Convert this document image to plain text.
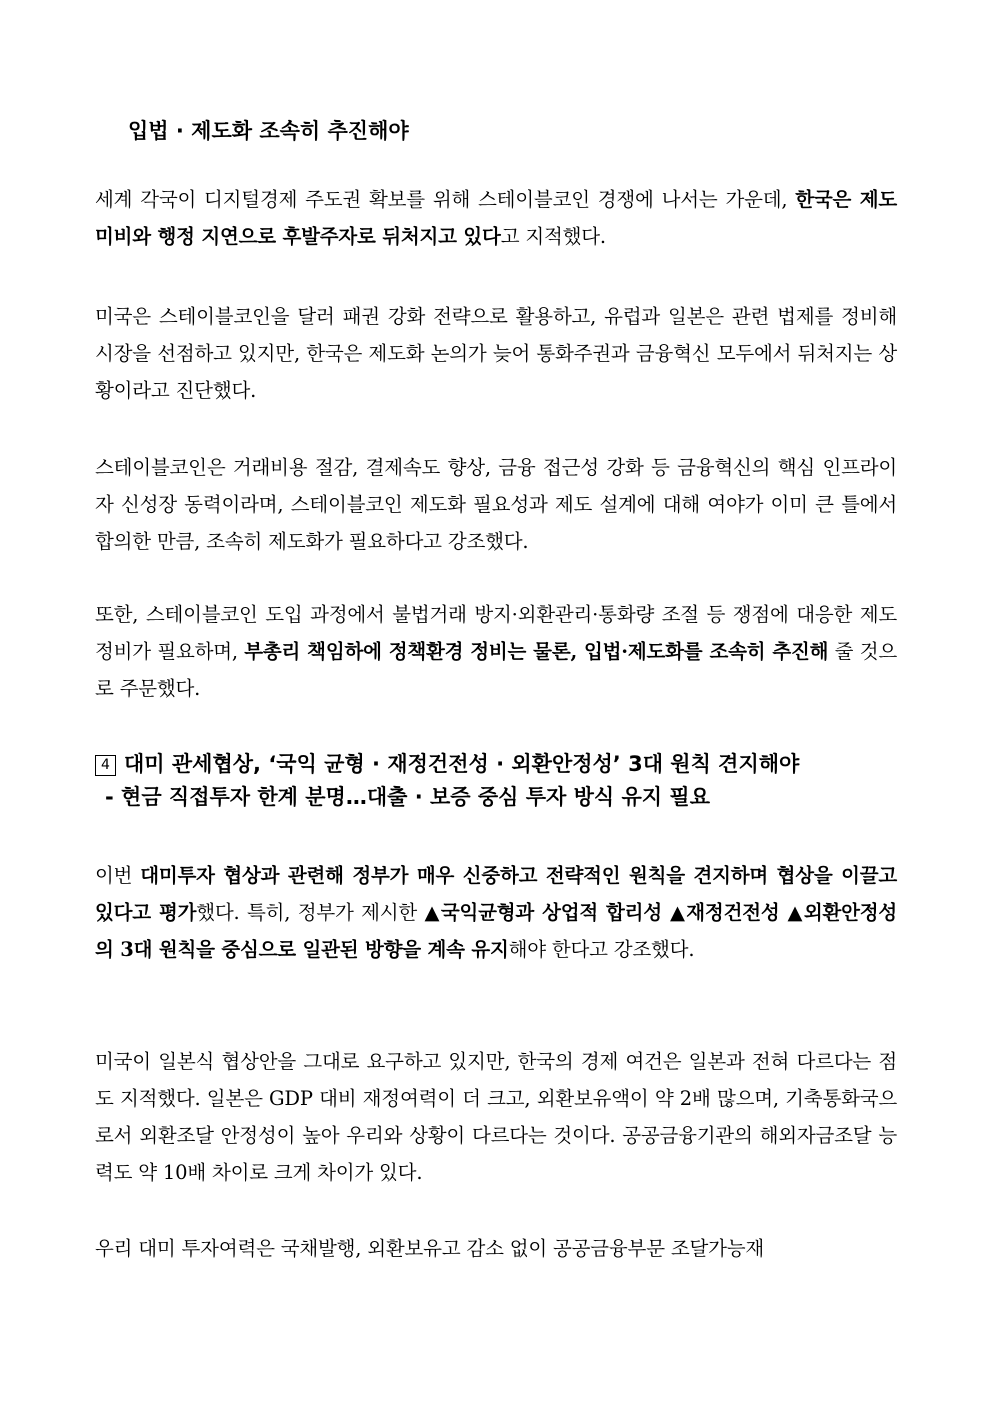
입법 · 제도화 조속히 추진해야

세계 각국이 디지털경제 주도권 확보를 위해 스테이블코인 경쟁에 나서는 가운데, 한국은 제도 미비와 행정 지연으로 후발주자로 뒤처지고 있다고 지적했다.

미국은 스테이블코인을 달러 패권 강화 전략으로 활용하고, 유럽과 일본은 관련 법제를 정비해 시장을 선점하고 있지만, 한국은 제도화 논의가 늦어 통화주권과 금융혁신 모두에서 뒤처지는 상황이라고 진단했다.

스테이블코인은 거래비용 절감, 결제속도 향상, 금융 접근성 강화 등 금융혁신의 핵심 인프라이자 신성장 동력이라며, 스테이블코인 제도화 필요성과 제도 설계에 대해 여야가 이미 큰 틀에서 합의한 만큼, 조속히 제도화가 필요하다고 강조했다.

또한, 스테이블코인 도입 과정에서 불법거래 방지·외환관리·통화량 조절 등 쟁점에 대응한 제도 정비가 필요하며, 부총리 책임하에 정책환경 정비는 물론, 입법·제도화를 조속히 추진해 줄 것으로 주문했다.

4 대미 관세협상, ‘국익 균형 · 재정건전성 · 외환안정성’ 3대 원칙 견지해야
- 현금 직접투자 한계 분명…대출 · 보증 중심 투자 방식 유지 필요

이번 대미투자 협상과 관련해 정부가 매우 신중하고 전략적인 원칙을 견지하며 협상을 이끌고 있다고 평가했다. 특히, 정부가 제시한 ▲국익균형과 상업적 합리성 ▲재정건전성 ▲외환안정성의 3대 원칙을 중심으로 일관된 방향을 계속 유지해야 한다고 강조했다.

미국이 일본식 협상안을 그대로 요구하고 있지만, 한국의 경제 여건은 일본과 전혀 다르다는 점도 지적했다. 일본은 GDP 대비 재정여력이 더 크고, 외환보유액이 약 2배 많으며, 기축통화국으로서 외환조달 안정성이 높아 우리와 상황이 다르다는 것이다. 공공금융기관의 해외자금조달 능력도 약 10배 차이로 크게 차이가 있다.

우리 대미 투자여력은 국채발행, 외환보유고 감소 없이 공공금융부문 조달가능재
